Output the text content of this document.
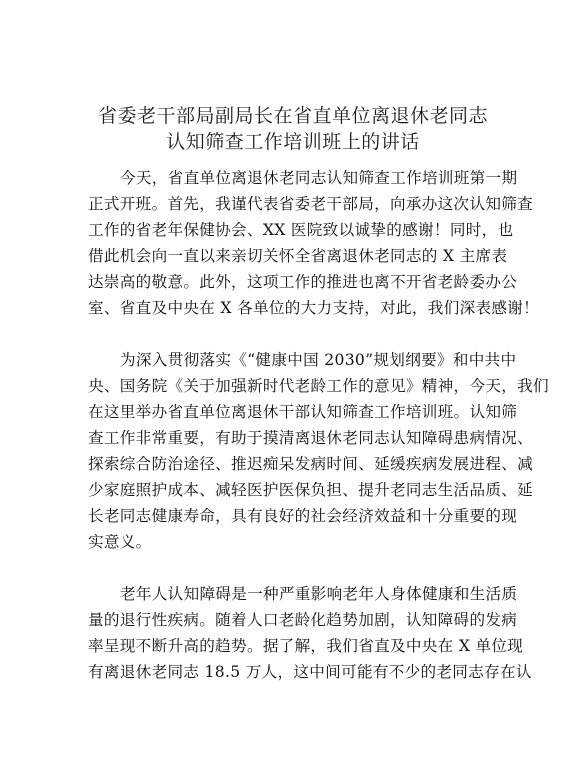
省委老干部局副局长在省直单位离退休老同志
认知筛查工作培训班上的讲话
今天，省直单位离退休老同志认知筛查工作培训班第一期
正式开班。首先，我谨代表省委老干部局，向承办这次认知筛查
工作的省老年保健协会、XX 医院致以诚挚的感谢！同时，也
借此机会向一直以来亲切关怀全省离退休老同志的 X 主席表
达崇高的敬意。此外，这项工作的推进也离不开省老龄委办公
室、省直及中央在 X 各单位的大力支持，对此，我们深表感谢！
为深入贯彻落实《“健康中国 2030”规划纲要》和中共中
央、国务院《关于加强新时代老龄工作的意见》精神，今天，我们
在这里举办省直单位离退休干部认知筛查工作培训班。认知筛
查工作非常重要，有助于摸清离退休老同志认知障碍患病情况、
探索综合防治途径、推迟痴呆发病时间、延缓疾病发展进程、减
少家庭照护成本、减轻医护医保负担、提升老同志生活品质、延
长老同志健康寿命，具有良好的社会经济效益和十分重要的现
实意义。
老年人认知障碍是一种严重影响老年人身体健康和生活质
量的退行性疾病。随着人口老龄化趋势加剧，认知障碍的发病
率呈现不断升高的趋势。据了解，我们省直及中央在 X 单位现
有离退休老同志 18.5 万人，这中间可能有不少的老同志存在认
